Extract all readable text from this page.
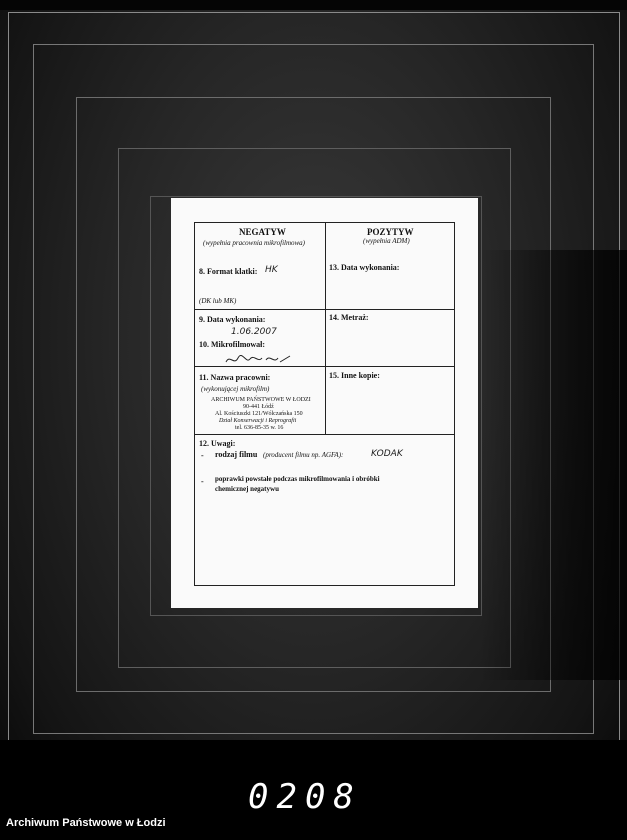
NEGATYW
(wypełnia pracownia mikrofilmowa)
8. Format klatki: HK
(DK lub MK)
POZYTYW
(wypełnia ADM)
13. Data wykonania:
9. Data wykonania:
1.06.2007
10. Mikrofilmował:
14. Metraż:
11. Nazwa pracowni:
(wykonującej mikrofilm)
ARCHIWUM PAŃSTWOWE W ŁODZI
90-441 Łódź
Al. Kościuszki 121/Wólczańska 150
Dział Konserwacji i Reprografii
tel. 636-85-35 w. 16
15. Inne kopie:
12. Uwagi:
- rodzaj filmu (producent filmu np. AGFA):	KODAK
- poprawki powstałe podczas mikrofilmowania i obróbki
chemicznej negatywu
0208
Archiwum Państwowe w Łodzi
